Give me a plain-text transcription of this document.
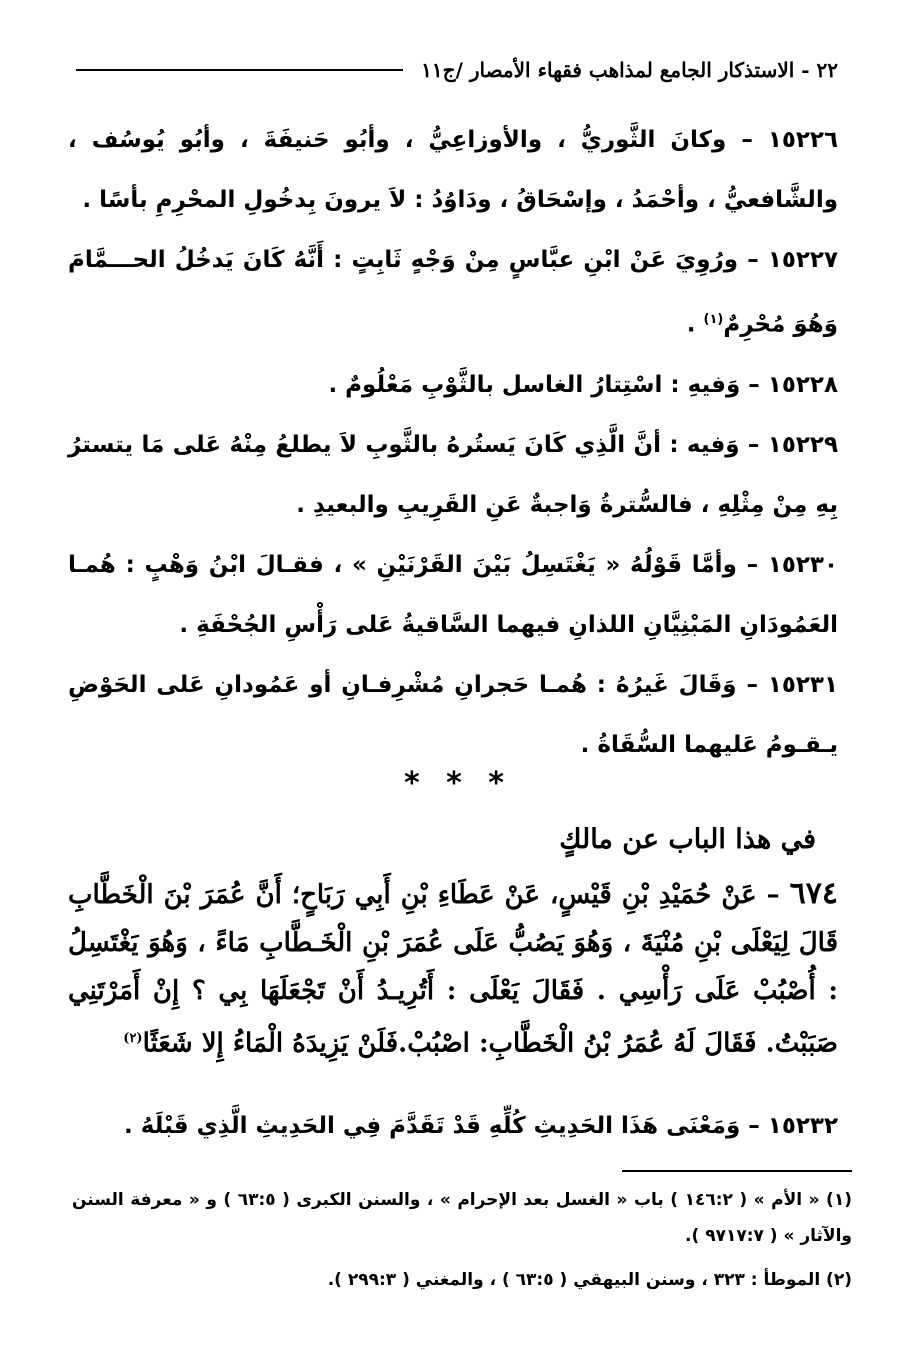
٢٢ - الاستذكار الجامع لمذاهب فقهاء الأمصار /ج١١

١٥٢٢٦ – وكانَ الثَّوريُّ ، والأوزاعِيُّ ، وأبُو حَنيفَةَ ، وأبُو يُوسُف ، والشَّافعيُّ ، وأحْمَدُ ، وإسْحَاقُ ، ودَاوُدُ : لاَ يرونَ بِدخُولِ المحْرِمِ بأسًا .

١٥٢٢٧ – ورُوِيَ عَنْ ابْنِ عبَّاسٍ مِنْ وَجْهٍ ثَابِتٍ : أَنَّهُ كَانَ يَدخُلُ الحـــمَّامَ وَهُوَ مُحْرِمٌ$^{(١)}$ .

١٥٢٢٨ – وَفيهِ : اسْتِتارُ الغاسل بالثَّوْبِ مَعْلُومٌ .

١٥٢٢٩ – وَفيه : أنَّ الَّذِي كَانَ يَستُرهُ بالثَّوبِ لاَ يطلعُ مِنْهُ عَلى مَا يتسترُ بِهِ مِنْ مِثْلِهِ ، فالسُّترةُ وَاجبةٌ عَنِ القَرِيبِ والبعيدِ .

١٥٢٣٠ – وأمَّا قَوْلُهُ « يَغْتَسِلُ بَيْنَ القَرْنَيْنِ » ، فقـالَ ابْنُ وَهْبٍ : هُمـا العَمُودَانِ المَبْنِيَّانِ اللذانِ فيهما السَّاقيةُ عَلى رَأْسِ الجُحْفَةِ .

١٥٢٣١ – وَقَالَ غَيرُهُ : هُمـا حَجرانِ مُشْرِفـانِ أو عَمُودانِ عَلى الحَوْضِ يـقـومُ عَليهما السُّقَاةُ .

* * *
في هذا الباب عن مالكٍ
٦٧٤ – عَنْ حُمَيْدِ بْنِ قَيْسٍ، عَنْ عَطَاءِ بْنِ أَبِي رَبَاحٍ؛ أَنَّ عُمَرَ بْنَ الْخَطَّابِ قَالَ لِيَعْلَى بْنِ مُنْيَةَ ، وَهُوَ يَصُبُّ عَلَى عُمَرَ بْنِ الْخَـطَّابِ مَاءً ، وَهُوَ يَغْتَسِلُ : أُصْبُبْ عَلَى رَأْسِي . فَقَالَ يَعْلَى : أَتُرِيـدُ أَنْ تَجْعَلَهَا بِي ؟ إِنْ أَمَرْتَنِي صَبَبْتُ. فَقَالَ لَهُ عُمَرُ بْنُ الْخَطَّابِ: اصْبُبْ.فَلَنْ يَزِيدَهُ الْمَاءُ إِلا شَعَثًا$^{(٢)}$
١٥٢٣٢ – وَمَعْنَى هَذَا الحَدِيثِ كُلِّهِ قَدْ تَقَدَّمَ فِي الحَدِيثِ الَّذِي قَبْلَهُ .

(١) « الأم » ( ١٤٦:٢ ) باب « الغسل بعد الإحرام » ، والسنن الكبرى ( ٦٣:٥ ) و « معرفة السنن والآثار » ( ٩٧١٧:٧ ).

(٢) الموطأ : ٣٢٣ ، وسنن البيهقي ( ٦٣:٥ ) ، والمغني ( ٢٩٩:٣ ).
